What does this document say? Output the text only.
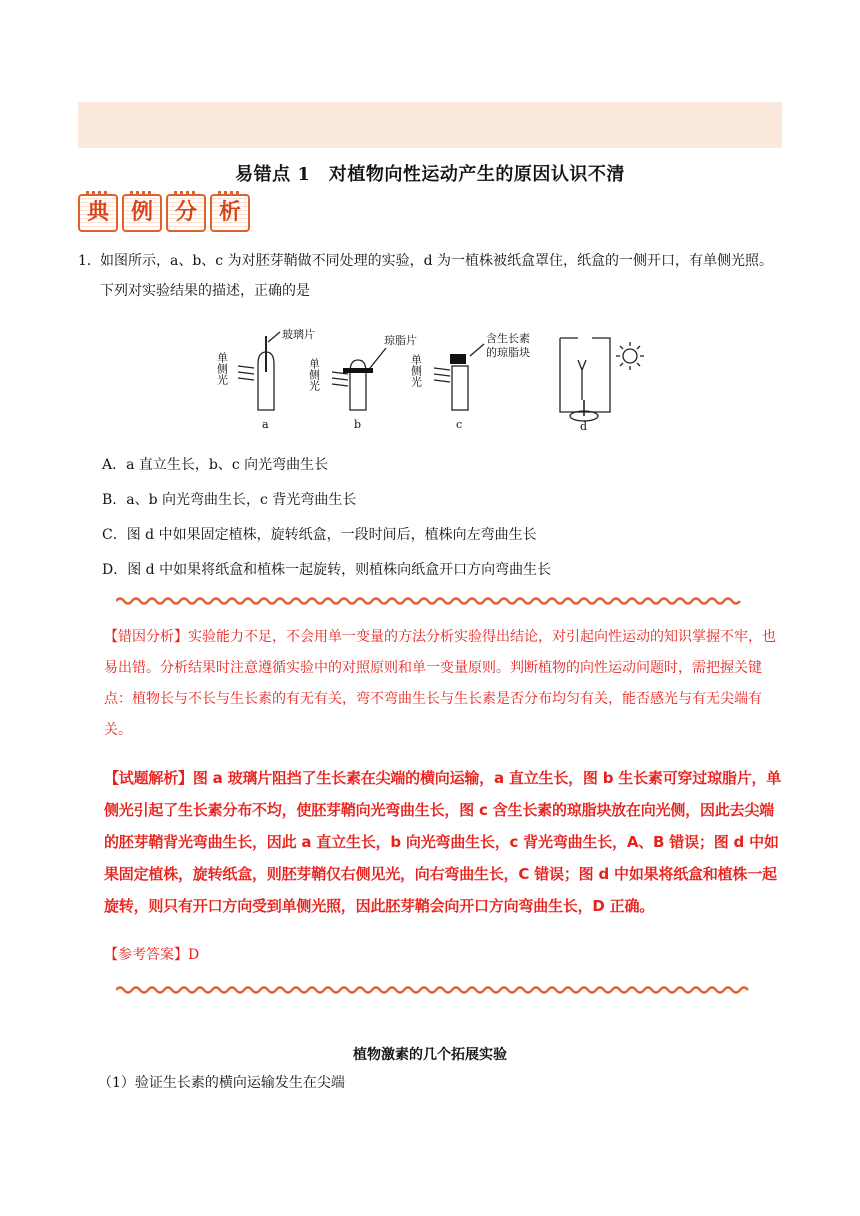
易错点 1　对植物向性运动产生的原因认识不清
典 例 分 析
1． 如图所示，a、b、c 为对胚芽鞘做不同处理的实验，d 为一植株被纸盒罩住，纸盒的一侧开口，有单侧光照。下列对实验结果的描述，正确的是
单侧光
玻璃片
单侧光
琼脂片
单侧光
含生长素
的琼脂块
a	b	c	d
A．a 直立生长，b、c 向光弯曲生长
B．a、b 向光弯曲生长，c 背光弯曲生长
C．图 d 中如果固定植株，旋转纸盒，一段时间后，植株向左弯曲生长
D．图 d 中如果将纸盒和植株一起旋转，则植株向纸盒开口方向弯曲生长
【错因分析】实验能力不足，不会用单一变量的方法分析实验得出结论，对引起向性运动的知识掌握不牢，也易出错。分析结果时注意遵循实验中的对照原则和单一变量原则。判断植物的向性运动问题时，需把握关键点：植物长与不长与生长素的有无有关，弯不弯曲生长与生长素是否分布均匀有关，能否感光与有无尖端有关。
【试题解析】图 a 玻璃片阻挡了生长素在尖端的横向运输，a 直立生长，图 b 生长素可穿过琼脂片，单侧光引起了生长素分布不均，使胚芽鞘向光弯曲生长，图 c 含生长素的琼脂块放在向光侧，因此去尖端的胚芽鞘背光弯曲生长，因此 a 直立生长，b 向光弯曲生长，c 背光弯曲生长，A、B 错误；图 d 中如果固定植株，旋转纸盒，则胚芽鞘仅右侧见光，向右弯曲生长，C 错误；图 d 中如果将纸盒和植株一起旋转，则只有开口方向受到单侧光照，因此胚芽鞘会向开口方向弯曲生长，D 正确。
【参考答案】D
植物激素的几个拓展实验
（1）验证生长素的横向运输发生在尖端
